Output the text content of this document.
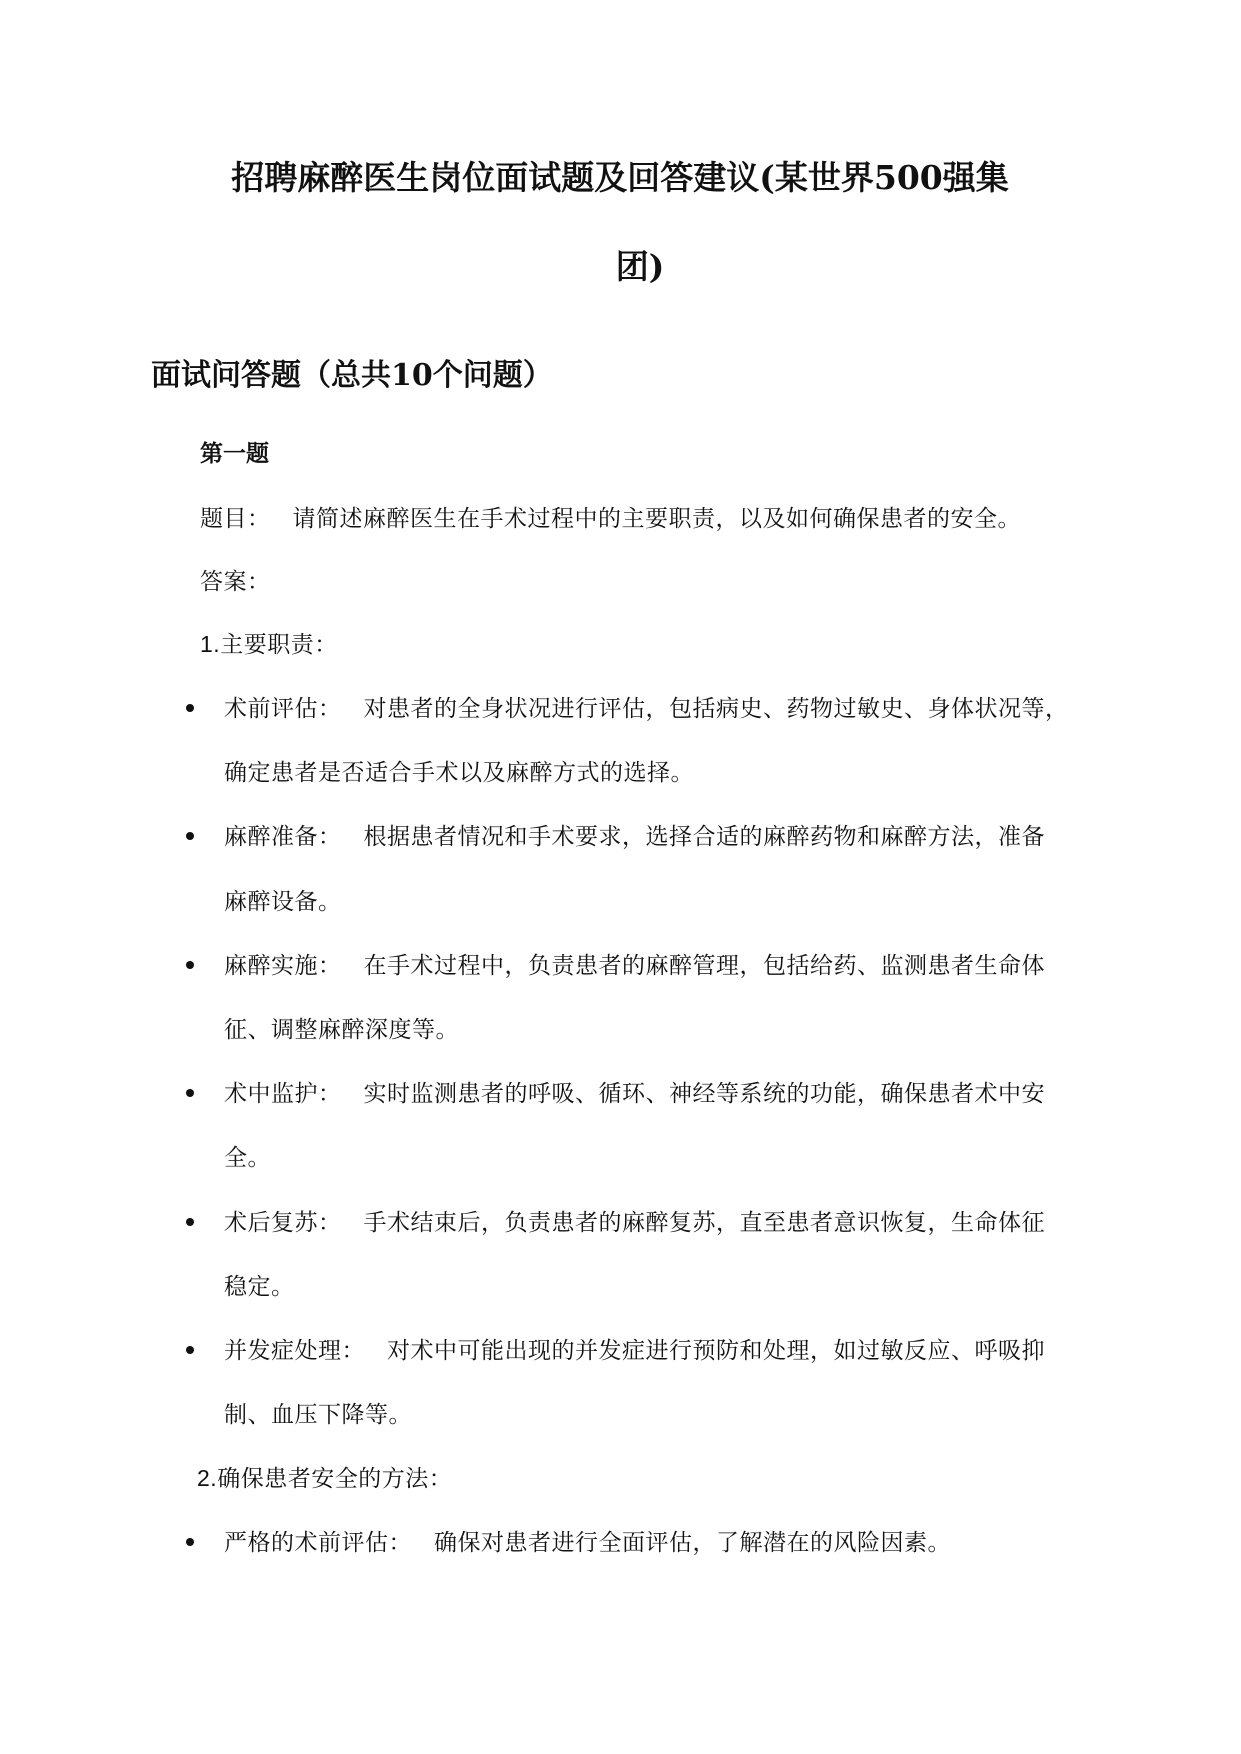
招聘麻醉医生岗位面试题及回答建议(某世界500强集
团)
面试问答题（总共10个问题）
第一题
题目： 请简述麻醉医生在手术过程中的主要职责，以及如何确保患者的安全。
答案：
1.主要职责：
术前评估： 对患者的全身状况进行评估，包括病史、药物过敏史、身体状况等，
确定患者是否适合手术以及麻醉方式的选择。
麻醉准备： 根据患者情况和手术要求，选择合适的麻醉药物和麻醉方法，准备
麻醉设备。
麻醉实施： 在手术过程中，负责患者的麻醉管理，包括给药、监测患者生命体
征、调整麻醉深度等。
术中监护： 实时监测患者的呼吸、循环、神经等系统的功能，确保患者术中安
全。
术后复苏： 手术结束后，负责患者的麻醉复苏，直至患者意识恢复，生命体征
稳定。
并发症处理： 对术中可能出现的并发症进行预防和处理，如过敏反应、呼吸抑
制、血压下降等。
2.确保患者安全的方法：
严格的术前评估： 确保对患者进行全面评估，了解潜在的风险因素。
